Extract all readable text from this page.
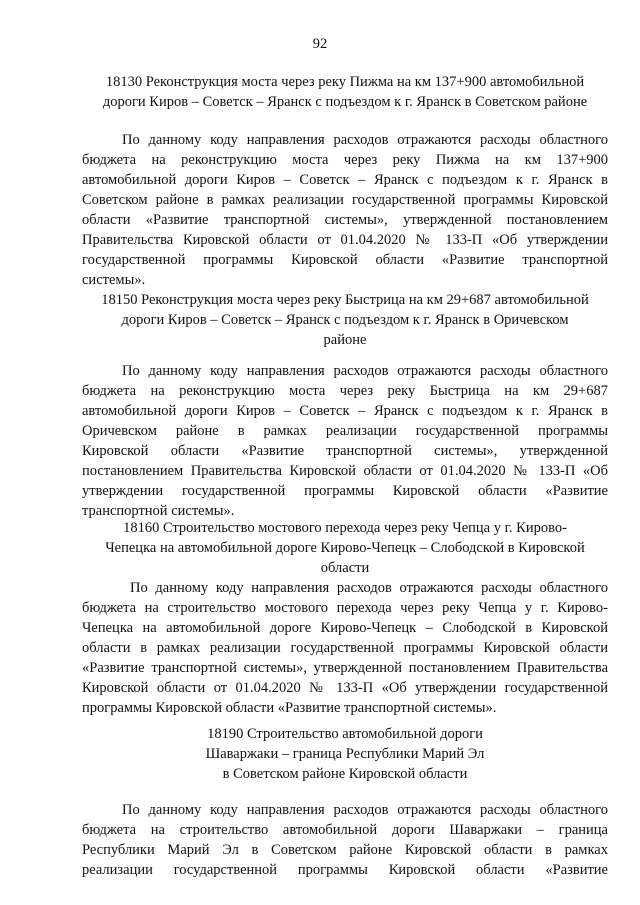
92
18130 Реконструкция моста через реку Пижма на км 137+900 автомобильной
дороги Киров – Советск – Яранск с подъездом к г. Яранск в Советском районе
По данному коду направления расходов отражаются расходы областного
бюджета на реконструкцию моста через реку Пижма на км 137+900
автомобильной дороги Киров – Советск – Яранск с подъездом к г. Яранск в
Советском районе в рамках реализации государственной программы Кировской
области «Развитие транспортной системы», утвержденной постановлением
Правительства Кировской области от 01.04.2020 № 133-П «Об утверждении
государственной программы Кировской области «Развитие транспортной
системы».
18150 Реконструкция моста через реку Быстрица на км 29+687 автомобильной
дороги Киров – Советск – Яранск с подъездом к г. Яранск в Оричевском
районе
По данному коду направления расходов отражаются расходы областного
бюджета на реконструкцию моста через реку Быстрица на км 29+687
автомобильной дороги Киров – Советск – Яранск с подъездом к г. Яранск в
Оричевском районе в рамках реализации государственной программы
Кировской области «Развитие транспортной системы», утвержденной
постановлением Правительства Кировской области от 01.04.2020 № 133-П «Об
утверждении государственной программы Кировской области «Развитие
транспортной системы».
18160 Строительство мостового перехода через реку Чепца у г. Кирово-
Чепецка на автомобильной дороге Кирово-Чепецк – Слободской в Кировской
области
По данному коду направления расходов отражаются расходы областного
бюджета на строительство мостового перехода через реку Чепца у г. Кирово-
Чепецка на автомобильной дороге Кирово-Чепецк – Слободской в Кировской
области в рамках реализации государственной программы Кировской области
«Развитие транспортной системы», утвержденной постановлением Правительства
Кировской области от 01.04.2020 № 133-П «Об утверждении государственной
программы Кировской области «Развитие транспортной системы».
18190 Строительство автомобильной дороги
Шаваржаки – граница Республики Марий Эл
в Советском районе Кировской области
По данному коду направления расходов отражаются расходы областного
бюджета на строительство автомобильной дороги Шаваржаки – граница
Республики Марий Эл в Советском районе Кировской области в рамках
реализации государственной программы Кировской области «Развитие
